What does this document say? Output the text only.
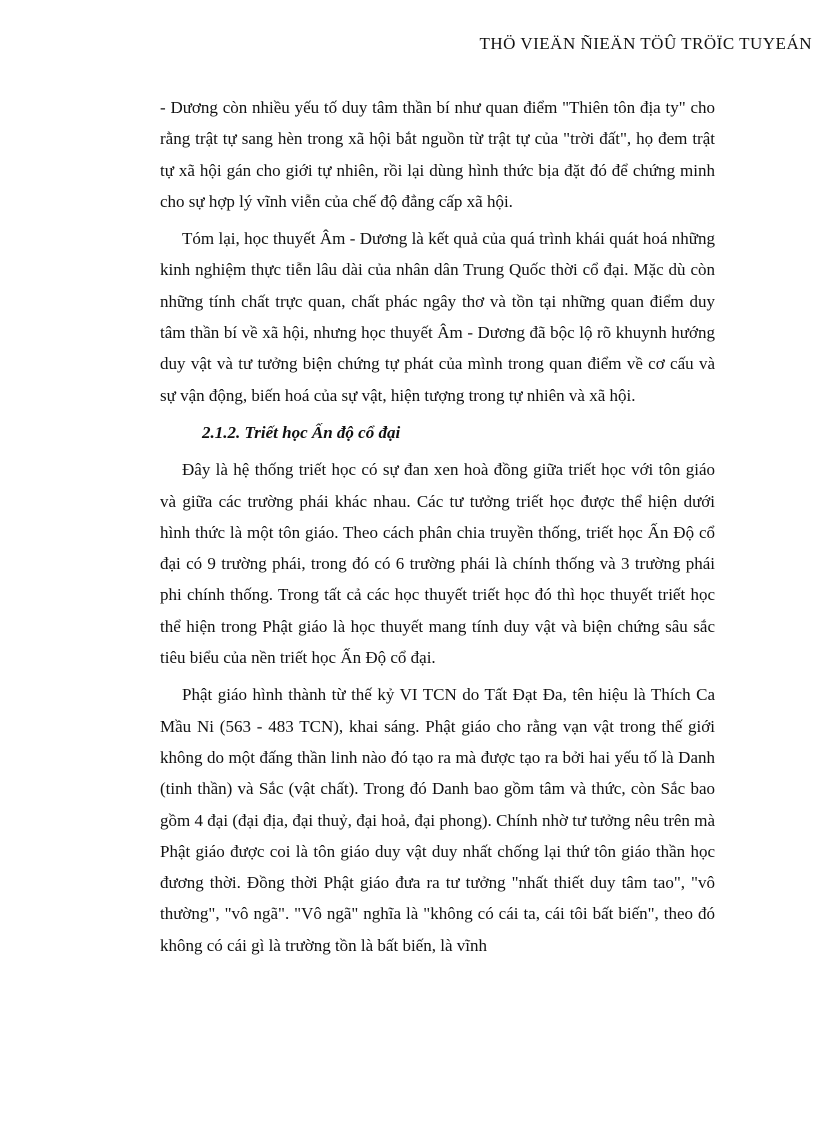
THÖ VIEÄN ÑIEÄN TÖÛ TRÖÏC TUYEÁN

- Dương còn nhiều yếu tố duy tâm thần bí như quan điểm "Thiên tôn địa ty" cho rằng trật tự sang hèn trong xã hội bắt nguồn từ trật tự của "trời đất", họ đem trật tự xã hội gán cho giới tự nhiên, rồi lại dùng hình thức bịa đặt đó để chứng minh cho sự hợp lý vĩnh viễn của chế độ đẳng cấp xã hội.

Tóm lại, học thuyết Âm - Dương là kết quả của quá trình khái quát hoá những kinh nghiệm thực tiễn lâu dài của nhân dân Trung Quốc thời cổ đại. Mặc dù còn những tính chất trực quan, chất phác ngây thơ và tồn tại những quan điểm duy tâm thần bí về xã hội, nhưng học thuyết Âm - Dương đã bộc lộ rõ khuynh hướng duy vật và tư tưởng biện chứng tự phát của mình trong quan điểm về cơ cấu và sự vận động, biến hoá của sự vật, hiện tượng trong tự nhiên và xã hội.

2.1.2. Triết học Ấn độ cổ đại

Đây là hệ thống triết học có sự đan xen hoà đồng giữa triết học với tôn giáo và giữa các trường phái khác nhau. Các tư tưởng triết học được thể hiện dưới hình thức là một tôn giáo. Theo cách phân chia truyền thống, triết học Ấn Độ cổ đại có 9 trường phái, trong đó có 6 trường phái là chính thống và 3 trường phái phi chính thống. Trong tất cả các học thuyết triết học đó thì học thuyết triết học thể hiện trong Phật giáo là học thuyết mang tính duy vật và biện chứng sâu sắc tiêu biểu của nền triết học Ấn Độ cổ đại.

Phật giáo hình thành từ thế kỷ VI TCN do Tất Đạt Đa, tên hiệu là Thích Ca Mầu Ni (563 - 483 TCN), khai sáng. Phật giáo cho rằng vạn vật trong thế giới không do một đấng thần linh nào đó tạo ra mà được tạo ra bởi hai yếu tố là Danh (tinh thần) và Sắc (vật chất). Trong đó Danh bao gồm tâm và thức, còn Sắc bao gồm 4 đại (đại địa, đại thuỷ, đại hoả, đại phong). Chính nhờ tư tưởng nêu trên mà Phật giáo được coi là tôn giáo duy vật duy nhất chống lại thứ tôn giáo thần học đương thời. Đồng thời Phật giáo đưa ra tư tưởng "nhất thiết duy tâm tao", "vô thường", "vô ngã". "Vô ngã" nghĩa là "không có cái ta, cái tôi bất biến", theo đó không có cái gì là trường tồn là bất biến, là vĩnh
